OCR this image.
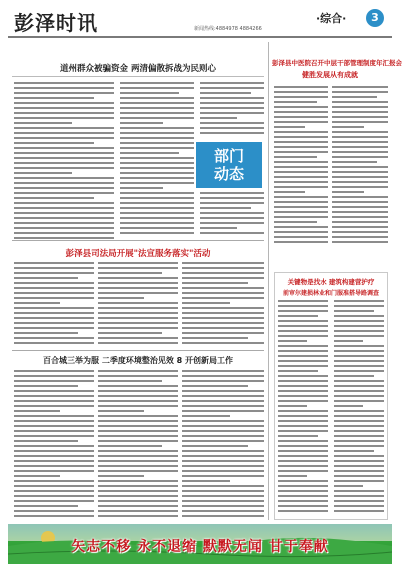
彭泽时讯	新闻热线:4884978 4884266
·综合·	3
道州群众被骗资金 两清偏散拆战为民则心
部门
动态
彭泽县司法局开展"法宣服务落实"活动
百合城三举为服 二季度环境整治见效 8 开创新局工作
彭泽县中医院召开中层干部管理制度年汇报会
健胜发展从有成就
关键物是找水 建筑构建营护疗
前审尔建损林业和门服准搭导路调查
矢志不移 永不退缩 默默无闻 甘于奉献
